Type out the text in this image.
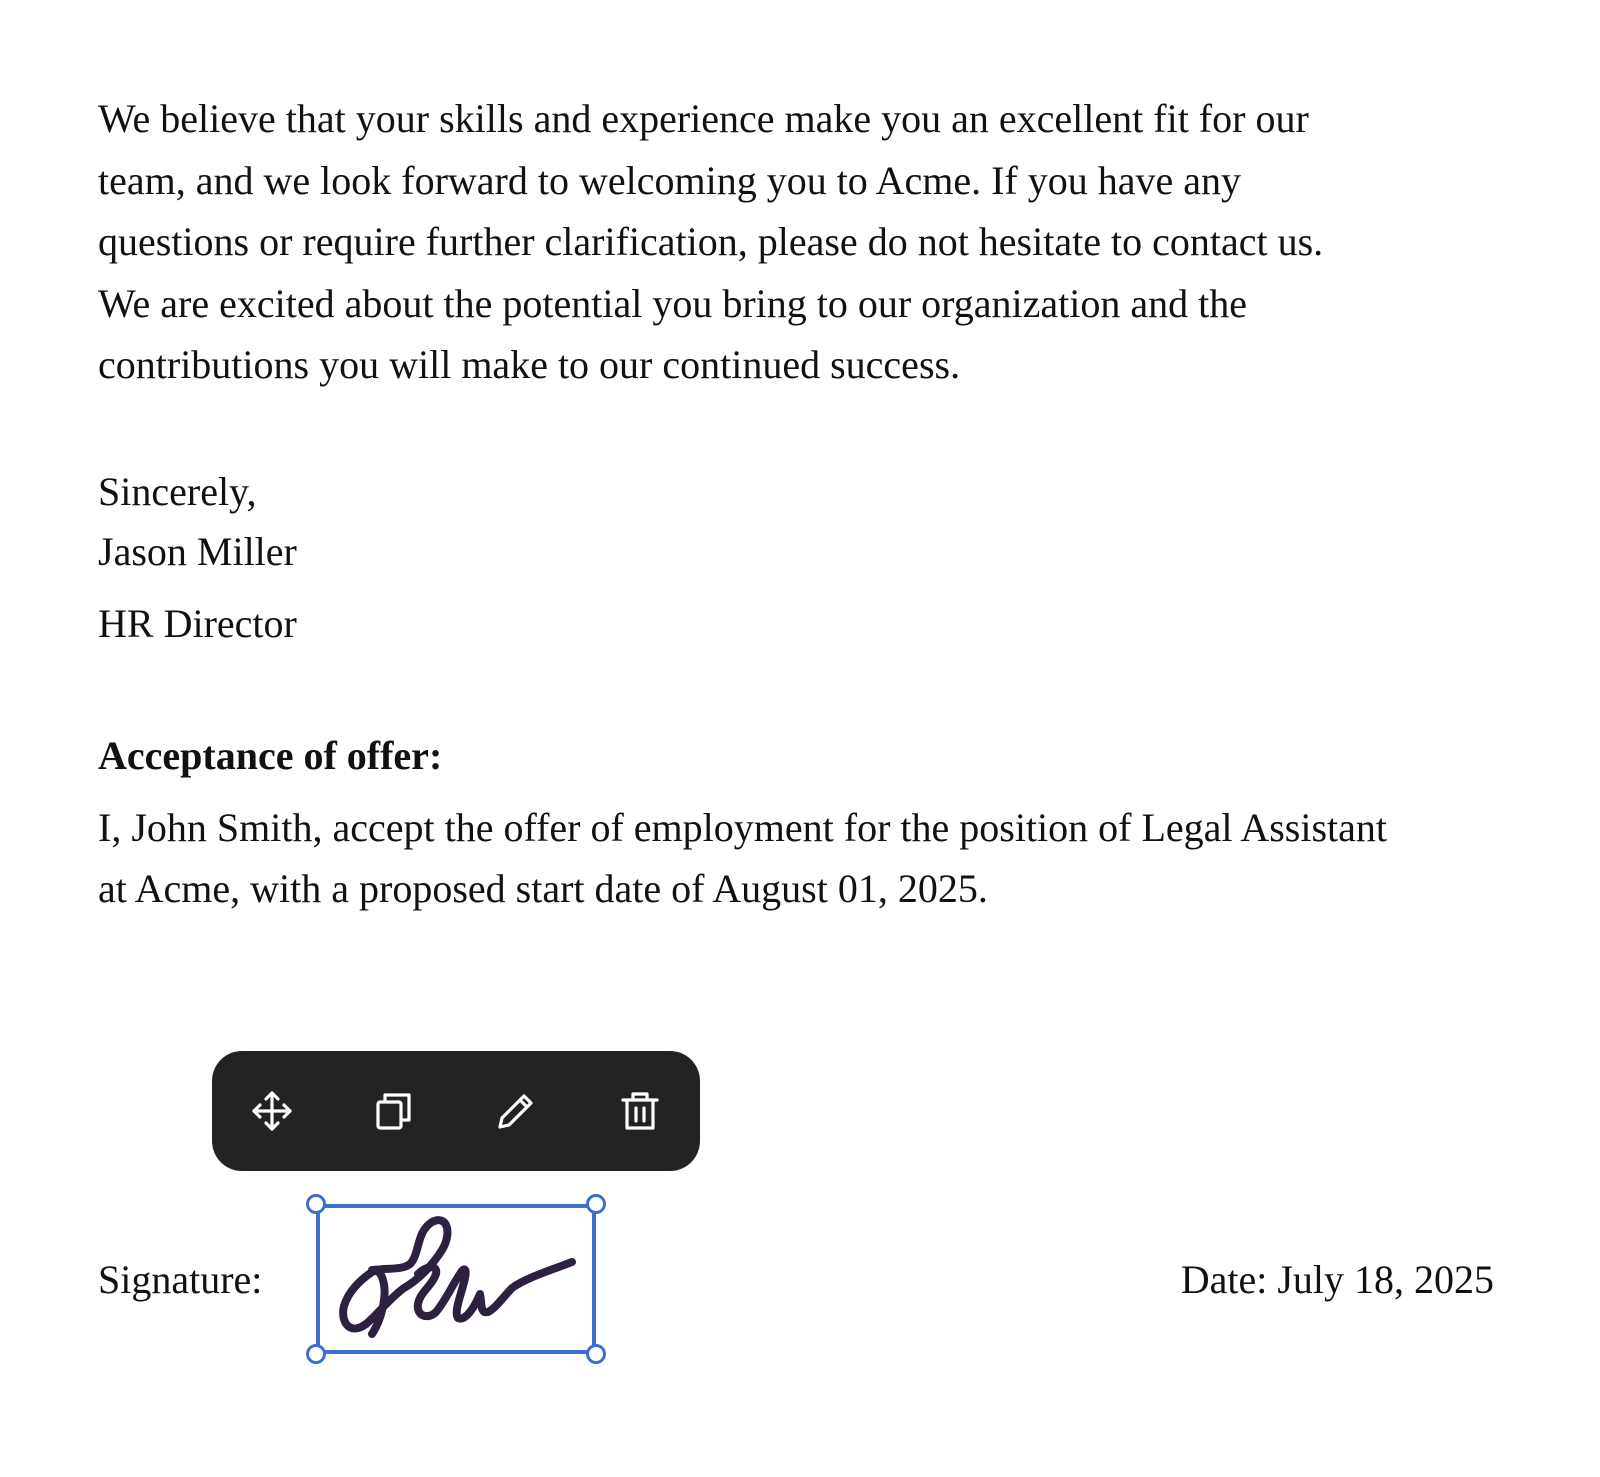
We believe that your skills and experience make you an excellent fit for our
team, and we look forward to welcoming you to Acme. If you have any
questions or require further clarification, please do not hesitate to contact us.
We are excited about the potential you bring to our organization and the
contributions you will make to our continued success.

Sincerely,
Jason Miller
HR Director
Acceptance of offer:

I, John Smith, accept the offer of employment for the position of Legal Assistant
at Acme, with a proposed start date of August 01, 2025.

Signature:	Date: July 18, 2025
